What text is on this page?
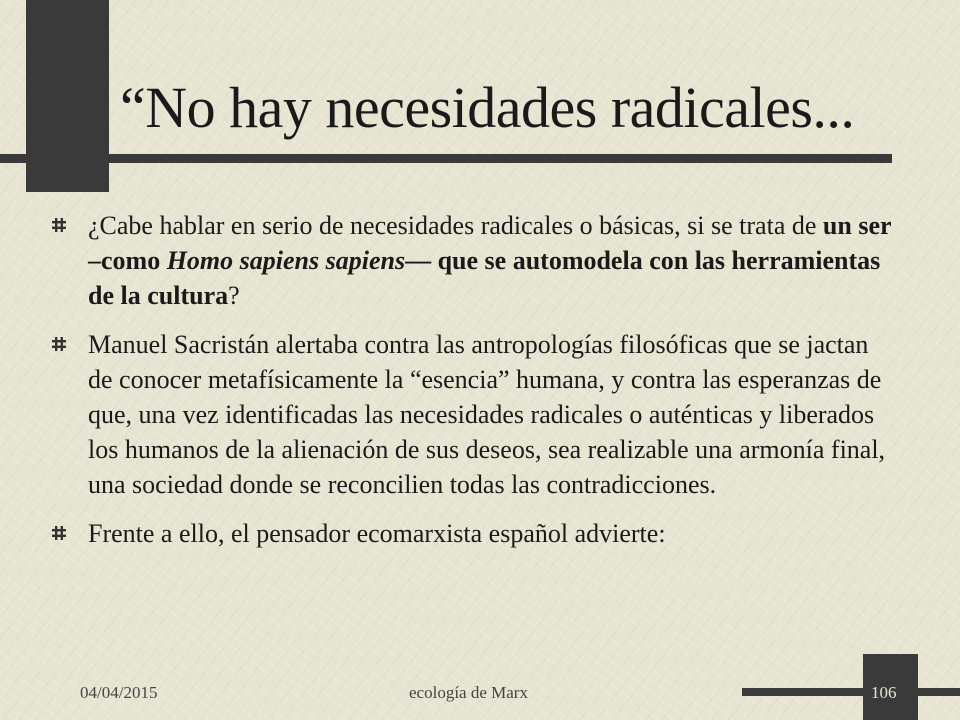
“No hay necesidades radicales...
¿Cabe hablar en serio de necesidades radicales o básicas, si se trata de un ser –como Homo sapiens sapiens— que se automodela con las herramientas de la cultura?
Manuel Sacristán alertaba contra las antropologías filosóficas que se jactan de conocer metafísicamente la “esencia” humana, y contra las esperanzas de que, una vez identificadas las necesidades radicales o auténticas y liberados los humanos de la alienación de sus deseos, sea realizable una armonía final, una sociedad donde se reconcilien todas las contradicciones.
Frente a ello, el pensador ecomarxista español advierte:
04/04/2015	ecología de Marx	106
